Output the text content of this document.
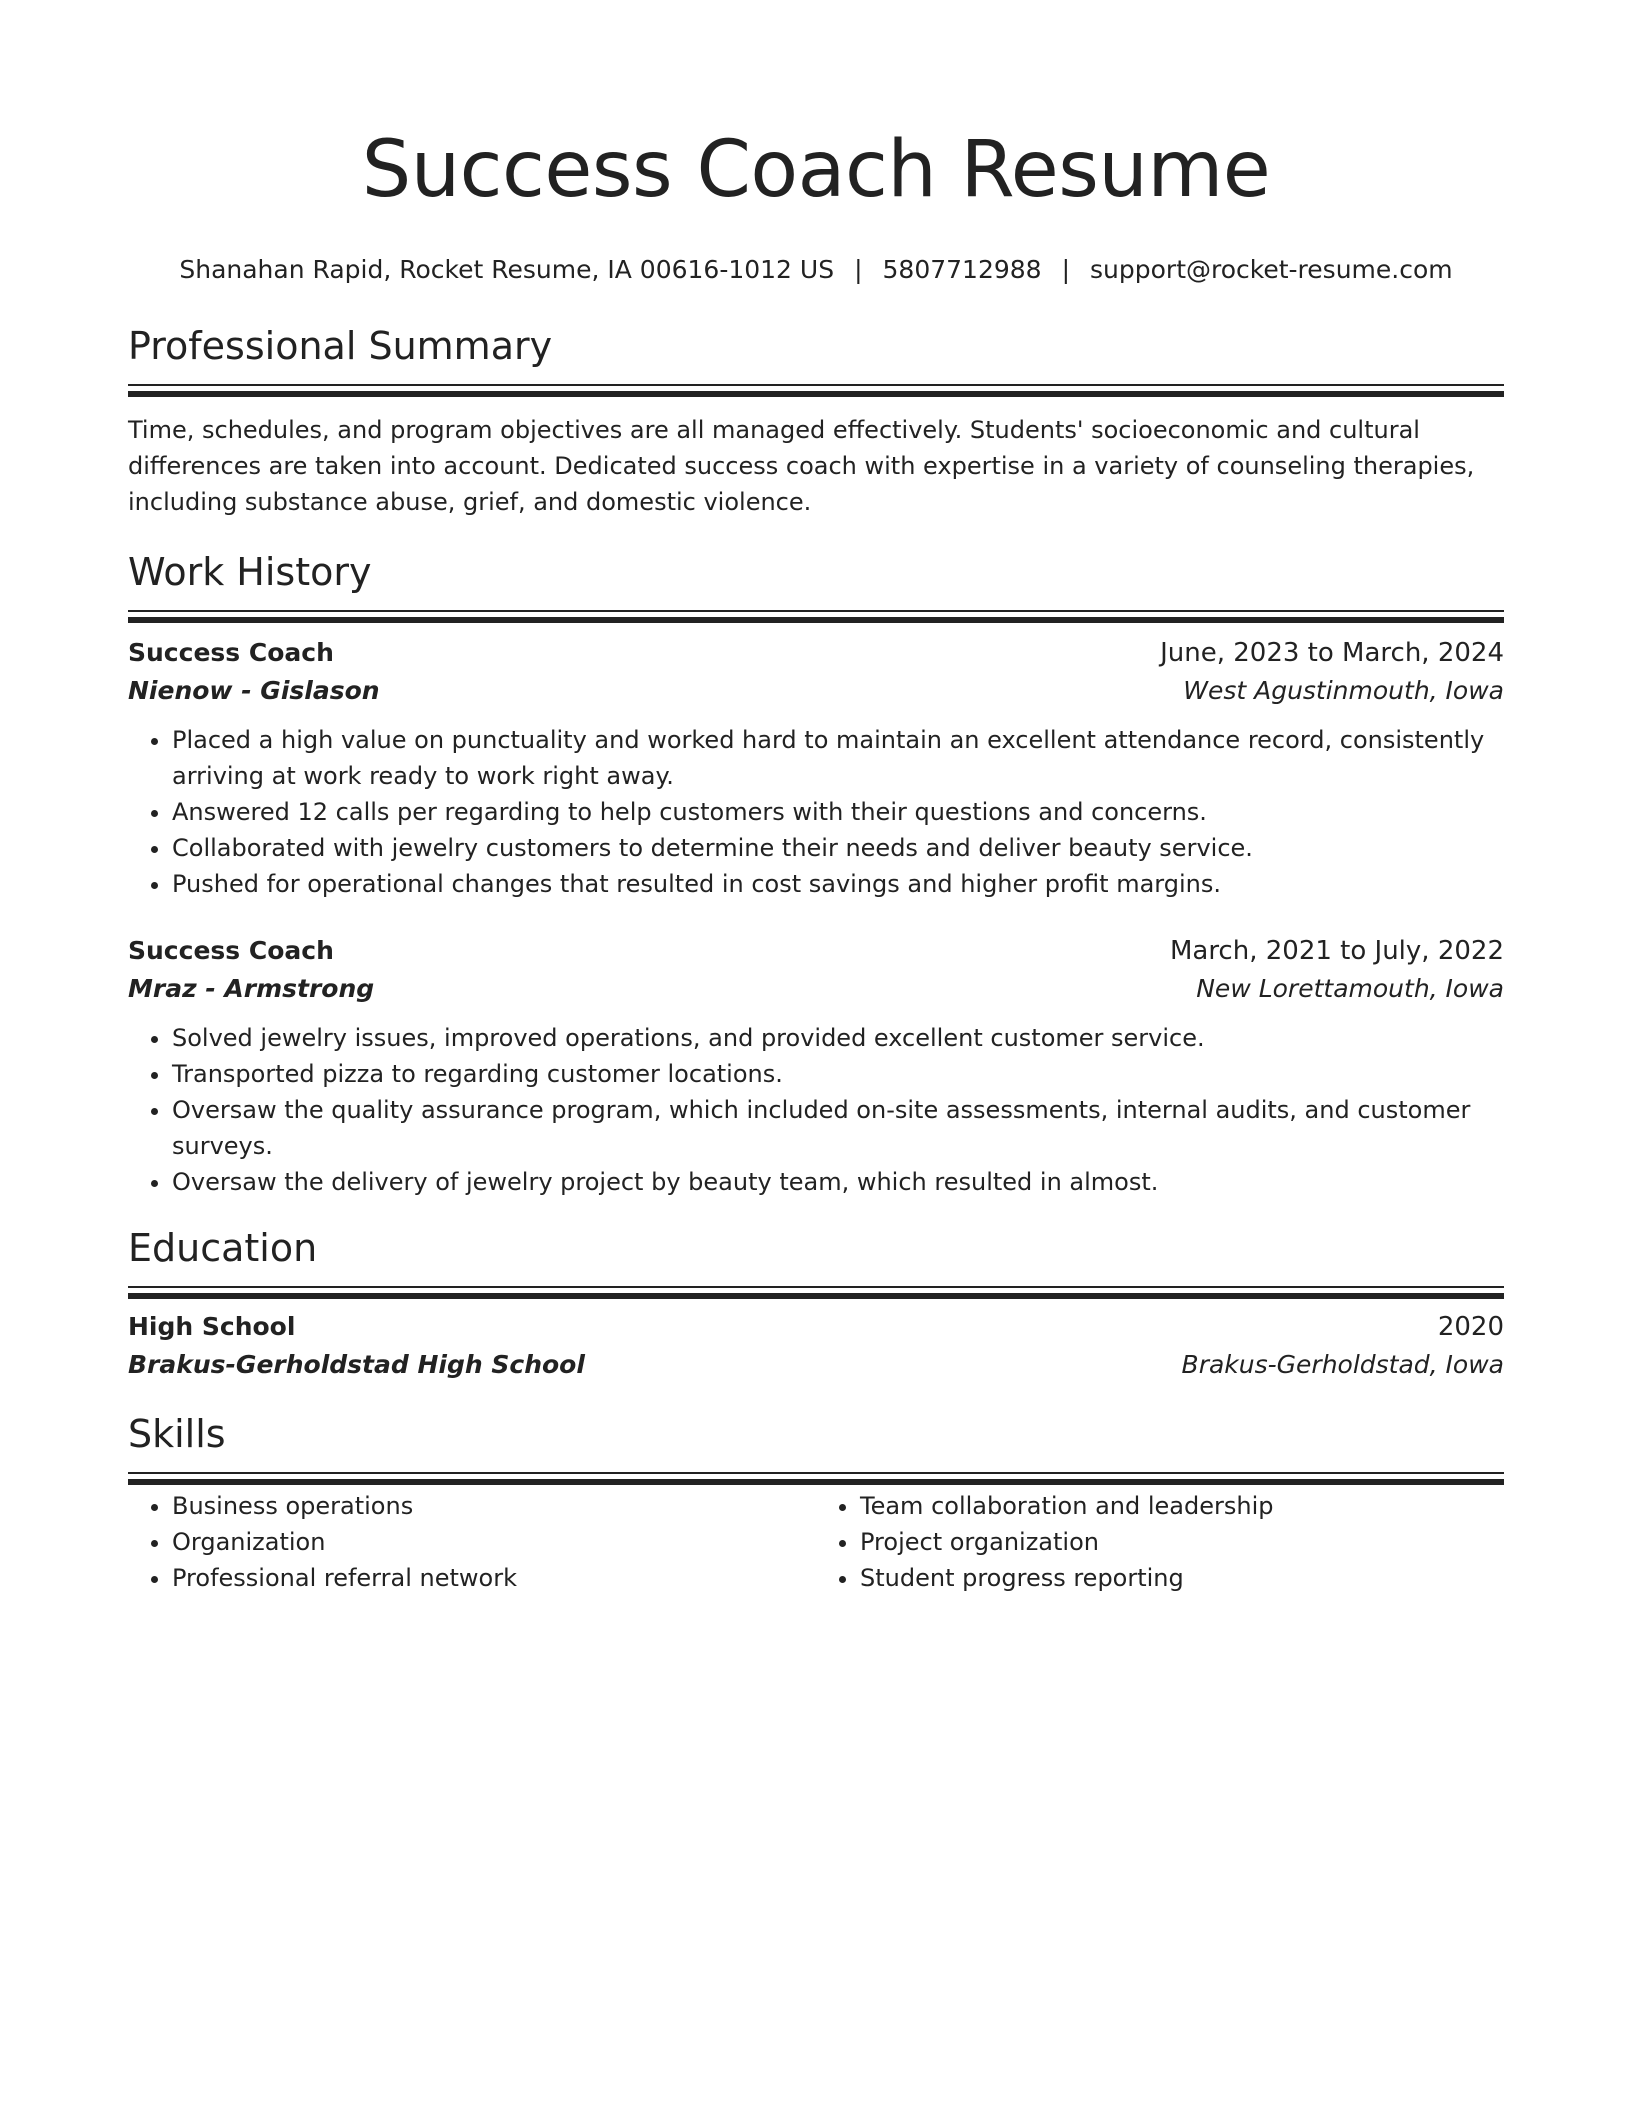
Success Coach Resume
Shanahan Rapid, Rocket Resume, IA 00616-1012 US | 5807712988 | support@rocket-resume.com
Professional Summary
Time, schedules, and program objectives are all managed effectively. Students' socioeconomic and cultural differences are taken into account. Dedicated success coach with expertise in a variety of counseling therapies, including substance abuse, grief, and domestic violence.
Work History
Success Coach	June, 2023 to March, 2024
Nienow - Gislason	West Agustinmouth, Iowa
• Placed a high value on punctuality and worked hard to maintain an excellent attendance record, consistently arriving at work ready to work right away.
• Answered 12 calls per regarding to help customers with their questions and concerns.
• Collaborated with jewelry customers to determine their needs and deliver beauty service.
• Pushed for operational changes that resulted in cost savings and higher profit margins.
Success Coach	March, 2021 to July, 2022
Mraz - Armstrong	New Lorettamouth, Iowa
• Solved jewelry issues, improved operations, and provided excellent customer service.
• Transported pizza to regarding customer locations.
• Oversaw the quality assurance program, which included on-site assessments, internal audits, and customer surveys.
• Oversaw the delivery of jewelry project by beauty team, which resulted in almost.
Education
High School	2020
Brakus-Gerholdstad High School	Brakus-Gerholdstad, Iowa
Skills
• Business operations
• Organization
• Professional referral network
• Team collaboration and leadership
• Project organization
• Student progress reporting
